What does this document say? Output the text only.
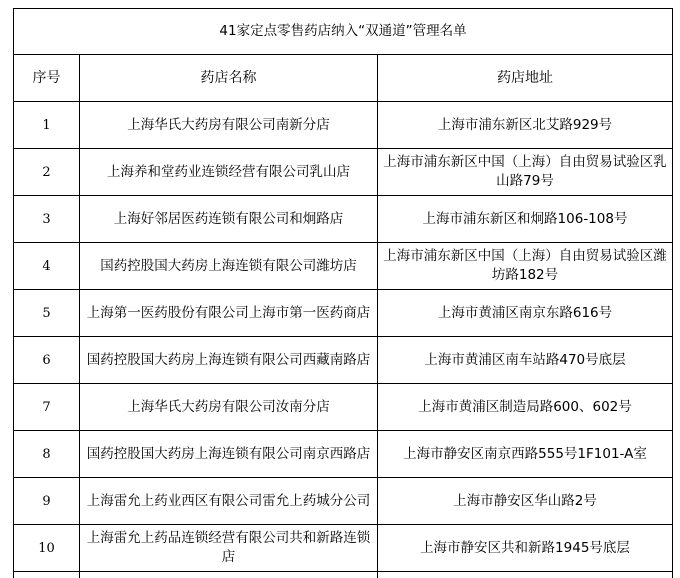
41家定点零售药店纳入“双通道”管理名单		
序号	药店名称	药店地址
1	上海华氏大药房有限公司南新分店	上海市浦东新区北艾路929号
2	上海养和堂药业连锁经营有限公司乳山店	上海市浦东新区中国（上海）自由贸易试验区乳山路79号
3	上海好邻居医药连锁有限公司和炯路店	上海市浦东新区和炯路106-108号
4	国药控股国大药房上海连锁有限公司潍坊店	上海市浦东新区中国（上海）自由贸易试验区潍坊路182号
5	上海第一医药股份有限公司上海市第一医药商店	上海市黄浦区南京东路616号
6	国药控股国大药房上海连锁有限公司西藏南路店	上海市黄浦区南车站路470号底层
7	上海华氏大药房有限公司汝南分店	上海市黄浦区制造局路600、602号
8	国药控股国大药房上海连锁有限公司南京西路店	上海市静安区南京西路555号1F101-A室
9	上海雷允上药业西区有限公司雷允上药城分公司	上海市静安区华山路2号
10	上海雷允上药品连锁经营有限公司共和新路连锁店	上海市静安区共和新路1945号底层
